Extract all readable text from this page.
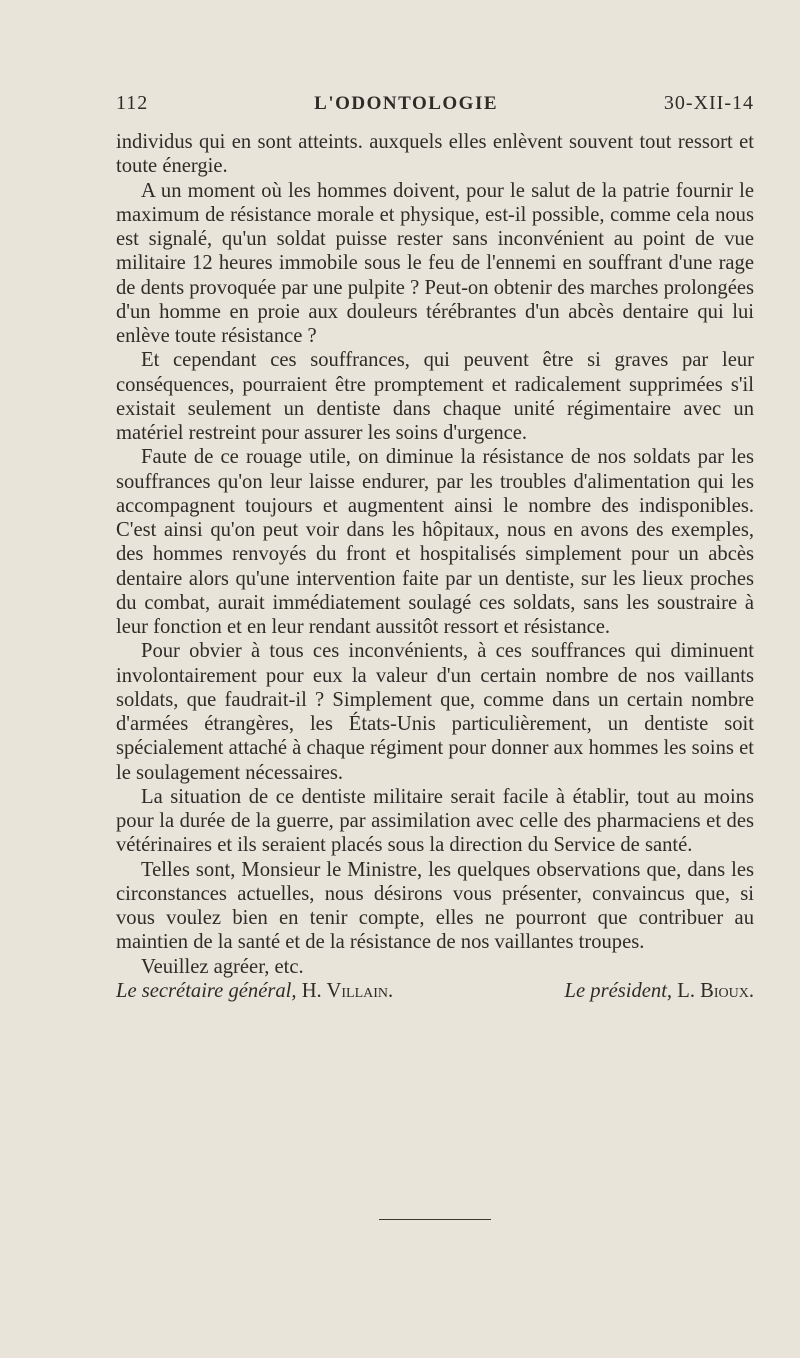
112	L'ODONTOLOGIE	30-XII-14

individus qui en sont atteints. auxquels elles enlèvent souvent tout ressort et toute énergie.

A un moment où les hommes doivent, pour le salut de la patrie fournir le maximum de résistance morale et physique, est-il possible, comme cela nous est signalé, qu'un soldat puisse rester sans inconvénient au point de vue militaire 12 heures immobile sous le feu de l'ennemi en souffrant d'une rage de dents provoquée par une pulpite ? Peut-on obtenir des marches prolongées d'un homme en proie aux douleurs térébrantes d'un abcès dentaire qui lui enlève toute résistance ?

Et cependant ces souffrances, qui peuvent être si graves par leur conséquences, pourraient être promptement et radicalement supprimées s'il existait seulement un dentiste dans chaque unité régimentaire avec un matériel restreint pour assurer les soins d'urgence.

Faute de ce rouage utile, on diminue la résistance de nos soldats par les souffrances qu'on leur laisse endurer, par les troubles d'alimentation qui les accompagnent toujours et augmentent ainsi le nombre des indisponibles. C'est ainsi qu'on peut voir dans les hôpitaux, nous en avons des exemples, des hommes renvoyés du front et hospitalisés simplement pour un abcès dentaire alors qu'une intervention faite par un dentiste, sur les lieux proches du combat, aurait immédiatement soulagé ces soldats, sans les soustraire à leur fonction et en leur rendant aussitôt ressort et résistance.

Pour obvier à tous ces inconvénients, à ces souffrances qui diminuent involontairement pour eux la valeur d'un certain nombre de nos vaillants soldats, que faudrait-il ? Simplement que, comme dans un certain nombre d'armées étrangères, les États-Unis particulièrement, un dentiste soit spécialement attaché à chaque régiment pour donner aux hommes les soins et le soulagement nécessaires.

La situation de ce dentiste militaire serait facile à établir, tout au moins pour la durée de la guerre, par assimilation avec celle des pharmaciens et des vétérinaires et ils seraient placés sous la direction du Service de santé.

Telles sont, Monsieur le Ministre, les quelques observations que, dans les circonstances actuelles, nous désirons vous présenter, convaincus que, si vous voulez bien en tenir compte, elles ne pourront que contribuer au maintien de la santé et de la résistance de nos vaillantes troupes.

Veuillez agréer, etc.

Le secrétaire général, H. Villain.	Le président, L. Bioux.
